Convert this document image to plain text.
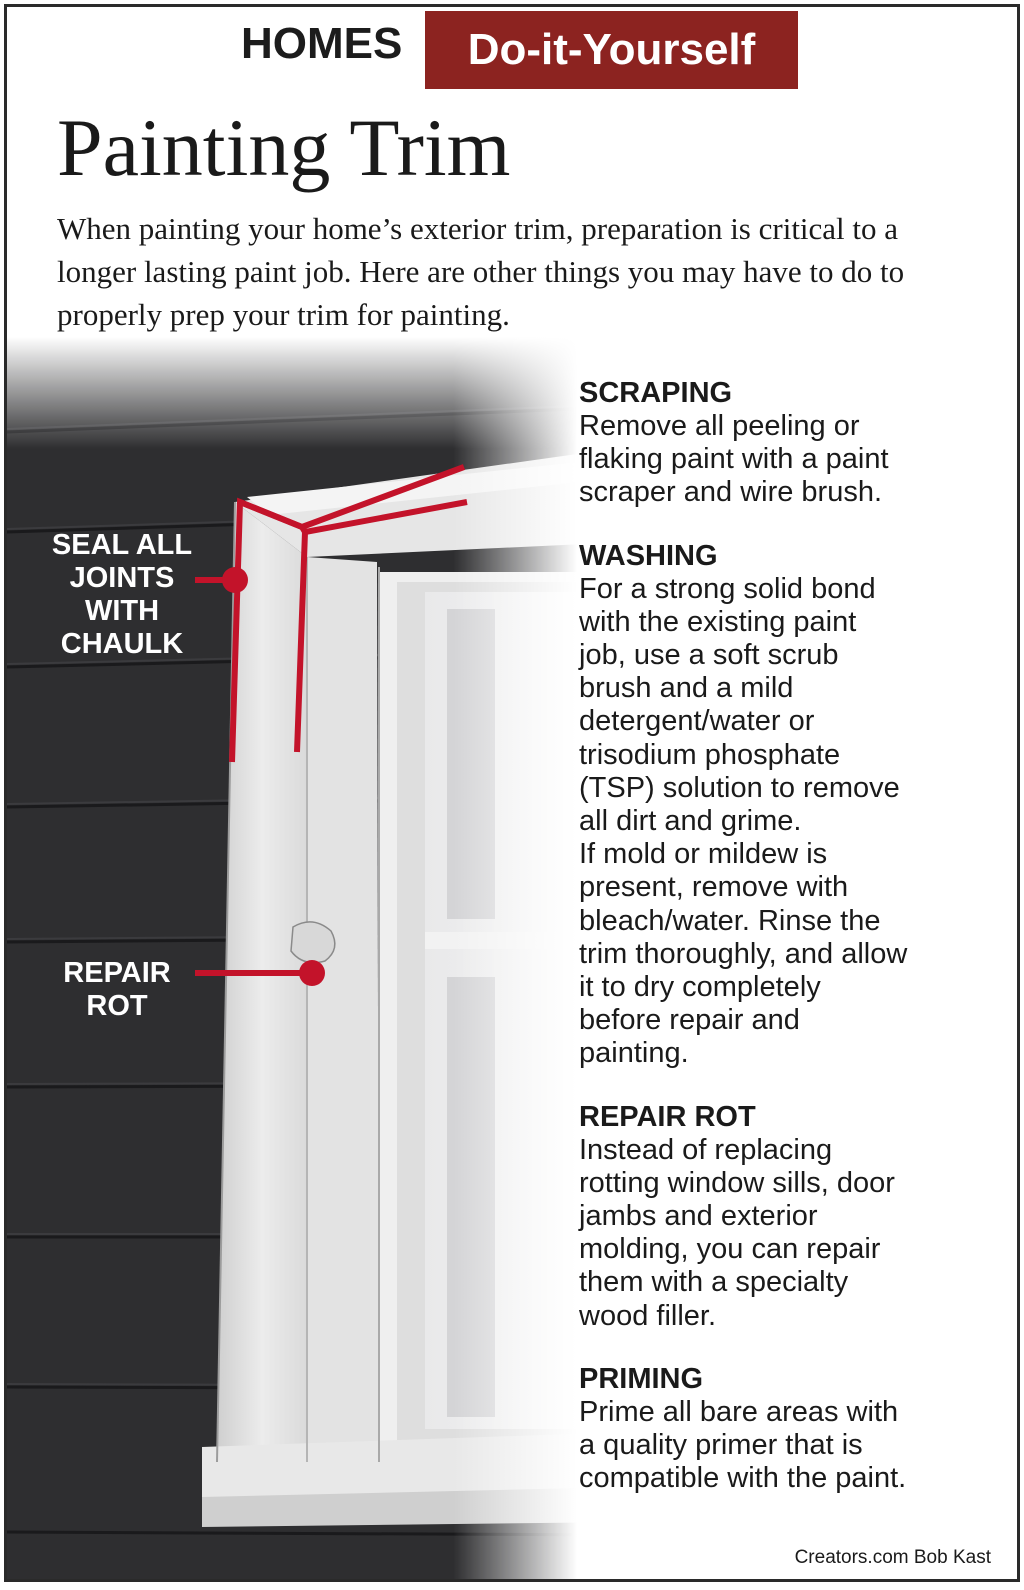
HOMES	Do-it-Yourself
Painting Trim

When painting your home’s exterior trim, preparation is critical to a longer lasting paint job. Here are other things you may have to do to properly prep your trim for painting.

SEAL ALL
JOINTS
WITH
CHAULK
REPAIR
ROT

SCRAPING

Remove all peeling or
flaking paint with a paint
scraper and wire brush.

WASHING

For a strong solid bond
with the existing paint
job, use a soft scrub
brush and a mild
detergent/water or
trisodium phosphate
(TSP) solution to remove
all dirt and grime.
If mold or mildew is
present, remove with
bleach/water. Rinse the
trim thoroughly, and allow
it to dry completely
before repair and
painting.

REPAIR ROT

Instead of replacing
rotting window sills, door
jambs and exterior
molding, you can repair
them with a specialty
wood filler.

PRIMING

Prime all bare areas with
a quality primer that is
compatible with the paint.

Creators.com Bob Kast
